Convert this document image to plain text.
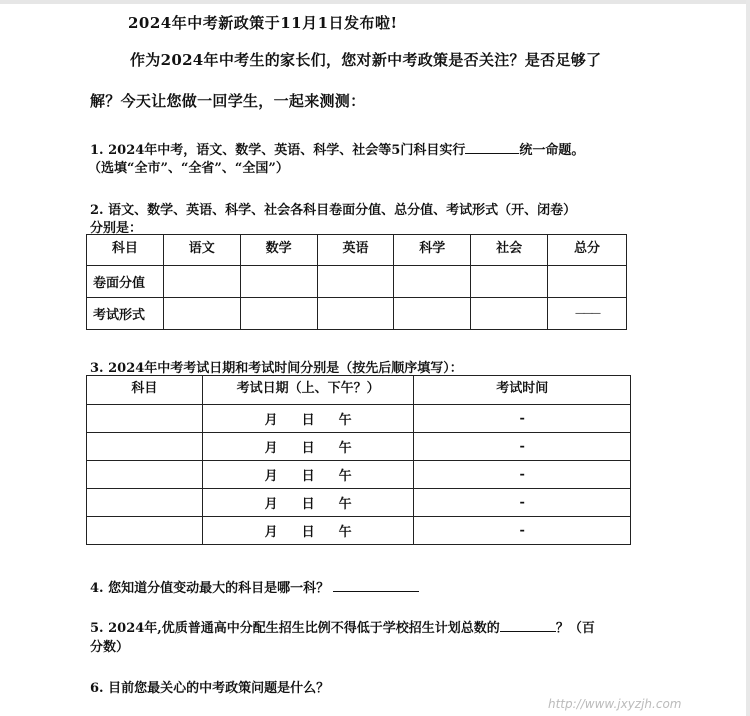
2024年中考新政策于11月1日发布啦!
作为2024年中考生的家长们，您对新中考政策是否关注？是否足够了
解？今天让您做一回学生，一起来测测：
1. 2024年中考，语文、数学、英语、科学、社会等5门科目实行	统一命题。
（选填“全市”、“全省”、“全国”）
2. 语文、数学、英语、科学、社会各科目卷面分值、总分值、考试形式（开、闭卷）
分别是：
科目	语文	数学	英语	科学	社会	总分
卷面分值						
考试形式						———
3. 2024年中考考试日期和考试时间分别是（按先后顺序填写）：
科目	考试日期（上、下午？）	考试时间
	月 日 午	-
	月 日 午	-
	月 日 午	-
	月 日 午	-
	月 日 午	-
4. 您知道分值变动最大的科目是哪一科？
5. 2024年,优质普通高中分配生招生比例不得低于学校招生计划总数的	？（百
分数）
6. 目前您最关心的中考政策问题是什么？
http://www.jxyzjh.com
